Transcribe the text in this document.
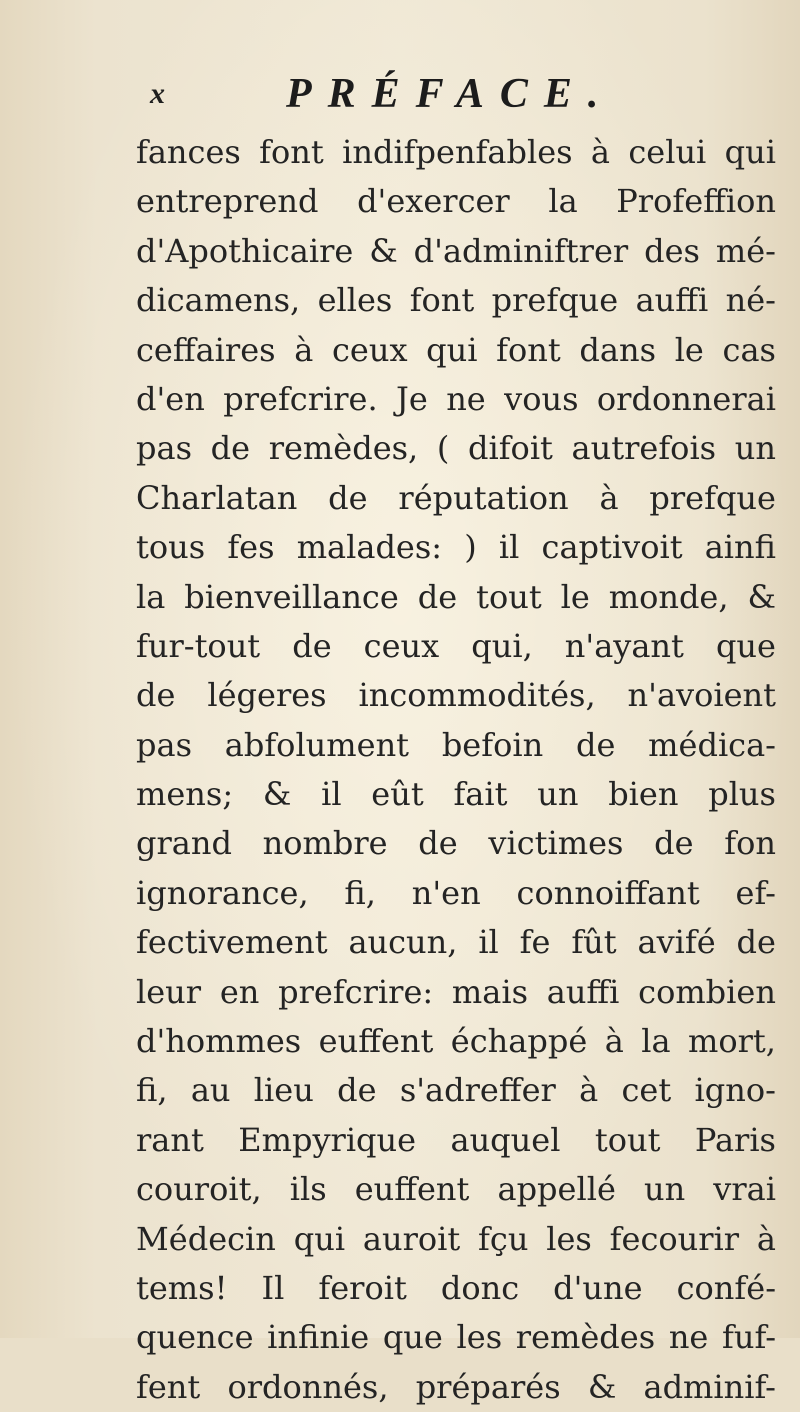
x	PRÉFACE.
fances font indifpenfables à celui qui
entreprend d'exercer la Profeffion
d'Apothicaire & d'adminiftrer des mé-
dicamens, elles font prefque auffi né-
ceffaires à ceux qui font dans le cas
d'en prefcrire. Je ne vous ordonnerai
pas de remèdes, ( difoit autrefois un
Charlatan de réputation à prefque
tous fes malades: ) il captivoit ainfi
la bienveillance de tout le monde, &
fur-tout de ceux qui, n'ayant que
de légeres incommodités, n'avoient
pas abfolument befoin de médica-
mens; & il eût fait un bien plus
grand nombre de victimes de fon
ignorance, fi, n'en connoiffant ef-
fectivement aucun, il fe fût avifé de
leur en prefcrire: mais auffi combien
d'hommes euffent échappé à la mort,
fi, au lieu de s'adreffer à cet igno-
rant Empyrique auquel tout Paris
couroit, ils euffent appellé un vrai
Médecin qui auroit fçu les fecourir à
tems! Il feroit donc d'une confé-
quence infinie que les remèdes ne fuf-
fent ordonnés, préparés & adminif-
